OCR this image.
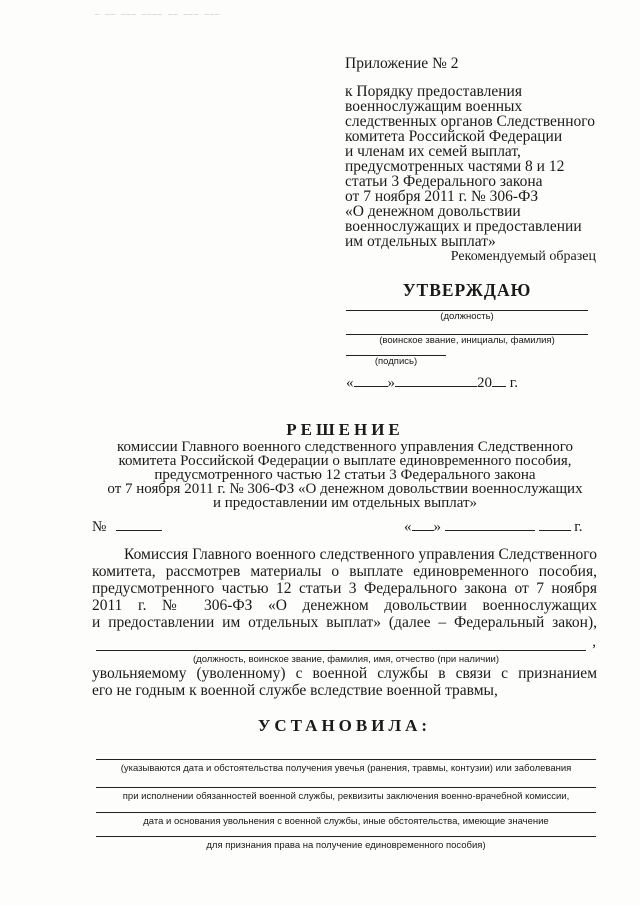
— —— ——— ———— —— ——— ———
Приложение № 2
к Порядку предоставления
военнослужащим военных
следственных органов Следственного
комитета Российской Федерации
и членам их семей выплат,
предусмотренных частями 8 и 12
статьи 3 Федерального закона
от 7 ноября 2011 г. № 306-ФЗ
«О денежном довольствии
военнослужащих и предоставлении
им отдельных выплат»
Рекомендуемый образец
УТВЕРЖДАЮ
(должность)
(воинское звание, инициалы, фамилия)
(подпись)
« »	20 г.
РЕШЕНИЕ
комиссии Главного военного следственного управления Следственного
комитета Российской Федерации о выплате единовременного пособия,
предусмотренного частью 12 статьи 3 Федерального закона
от 7 ноября 2011 г. № 306-ФЗ «О денежном довольствии военнослужащих
и предоставлении им отдельных выплат»
№	« »	г.
Комиссия Главного военного следственного управления Следственного
комитета, рассмотрев материалы о выплате единовременного пособия,
предусмотренного частью 12 статьи 3 Федерального закона от 7 ноября
2011 г. № 306-ФЗ «О денежном довольствии военнослужащих
и предоставлении им отдельных выплат» (далее – Федеральный закон),
,
(должность, воинское звание, фамилия, имя, отчество (при наличии)
увольняемому (уволенному) с военной службы в связи с признанием
его не годным к военной службе вследствие военной травмы,
УСТАНОВИЛА:
(указываются дата и обстоятельства получения увечья (ранения, травмы, контузии) или заболевания
при исполнении обязанностей военной службы, реквизиты заключения военно-врачебной комиссии,
дата и основания увольнения с военной службы, иные обстоятельства, имеющие значение
для признания права на получение единовременного пособия)
